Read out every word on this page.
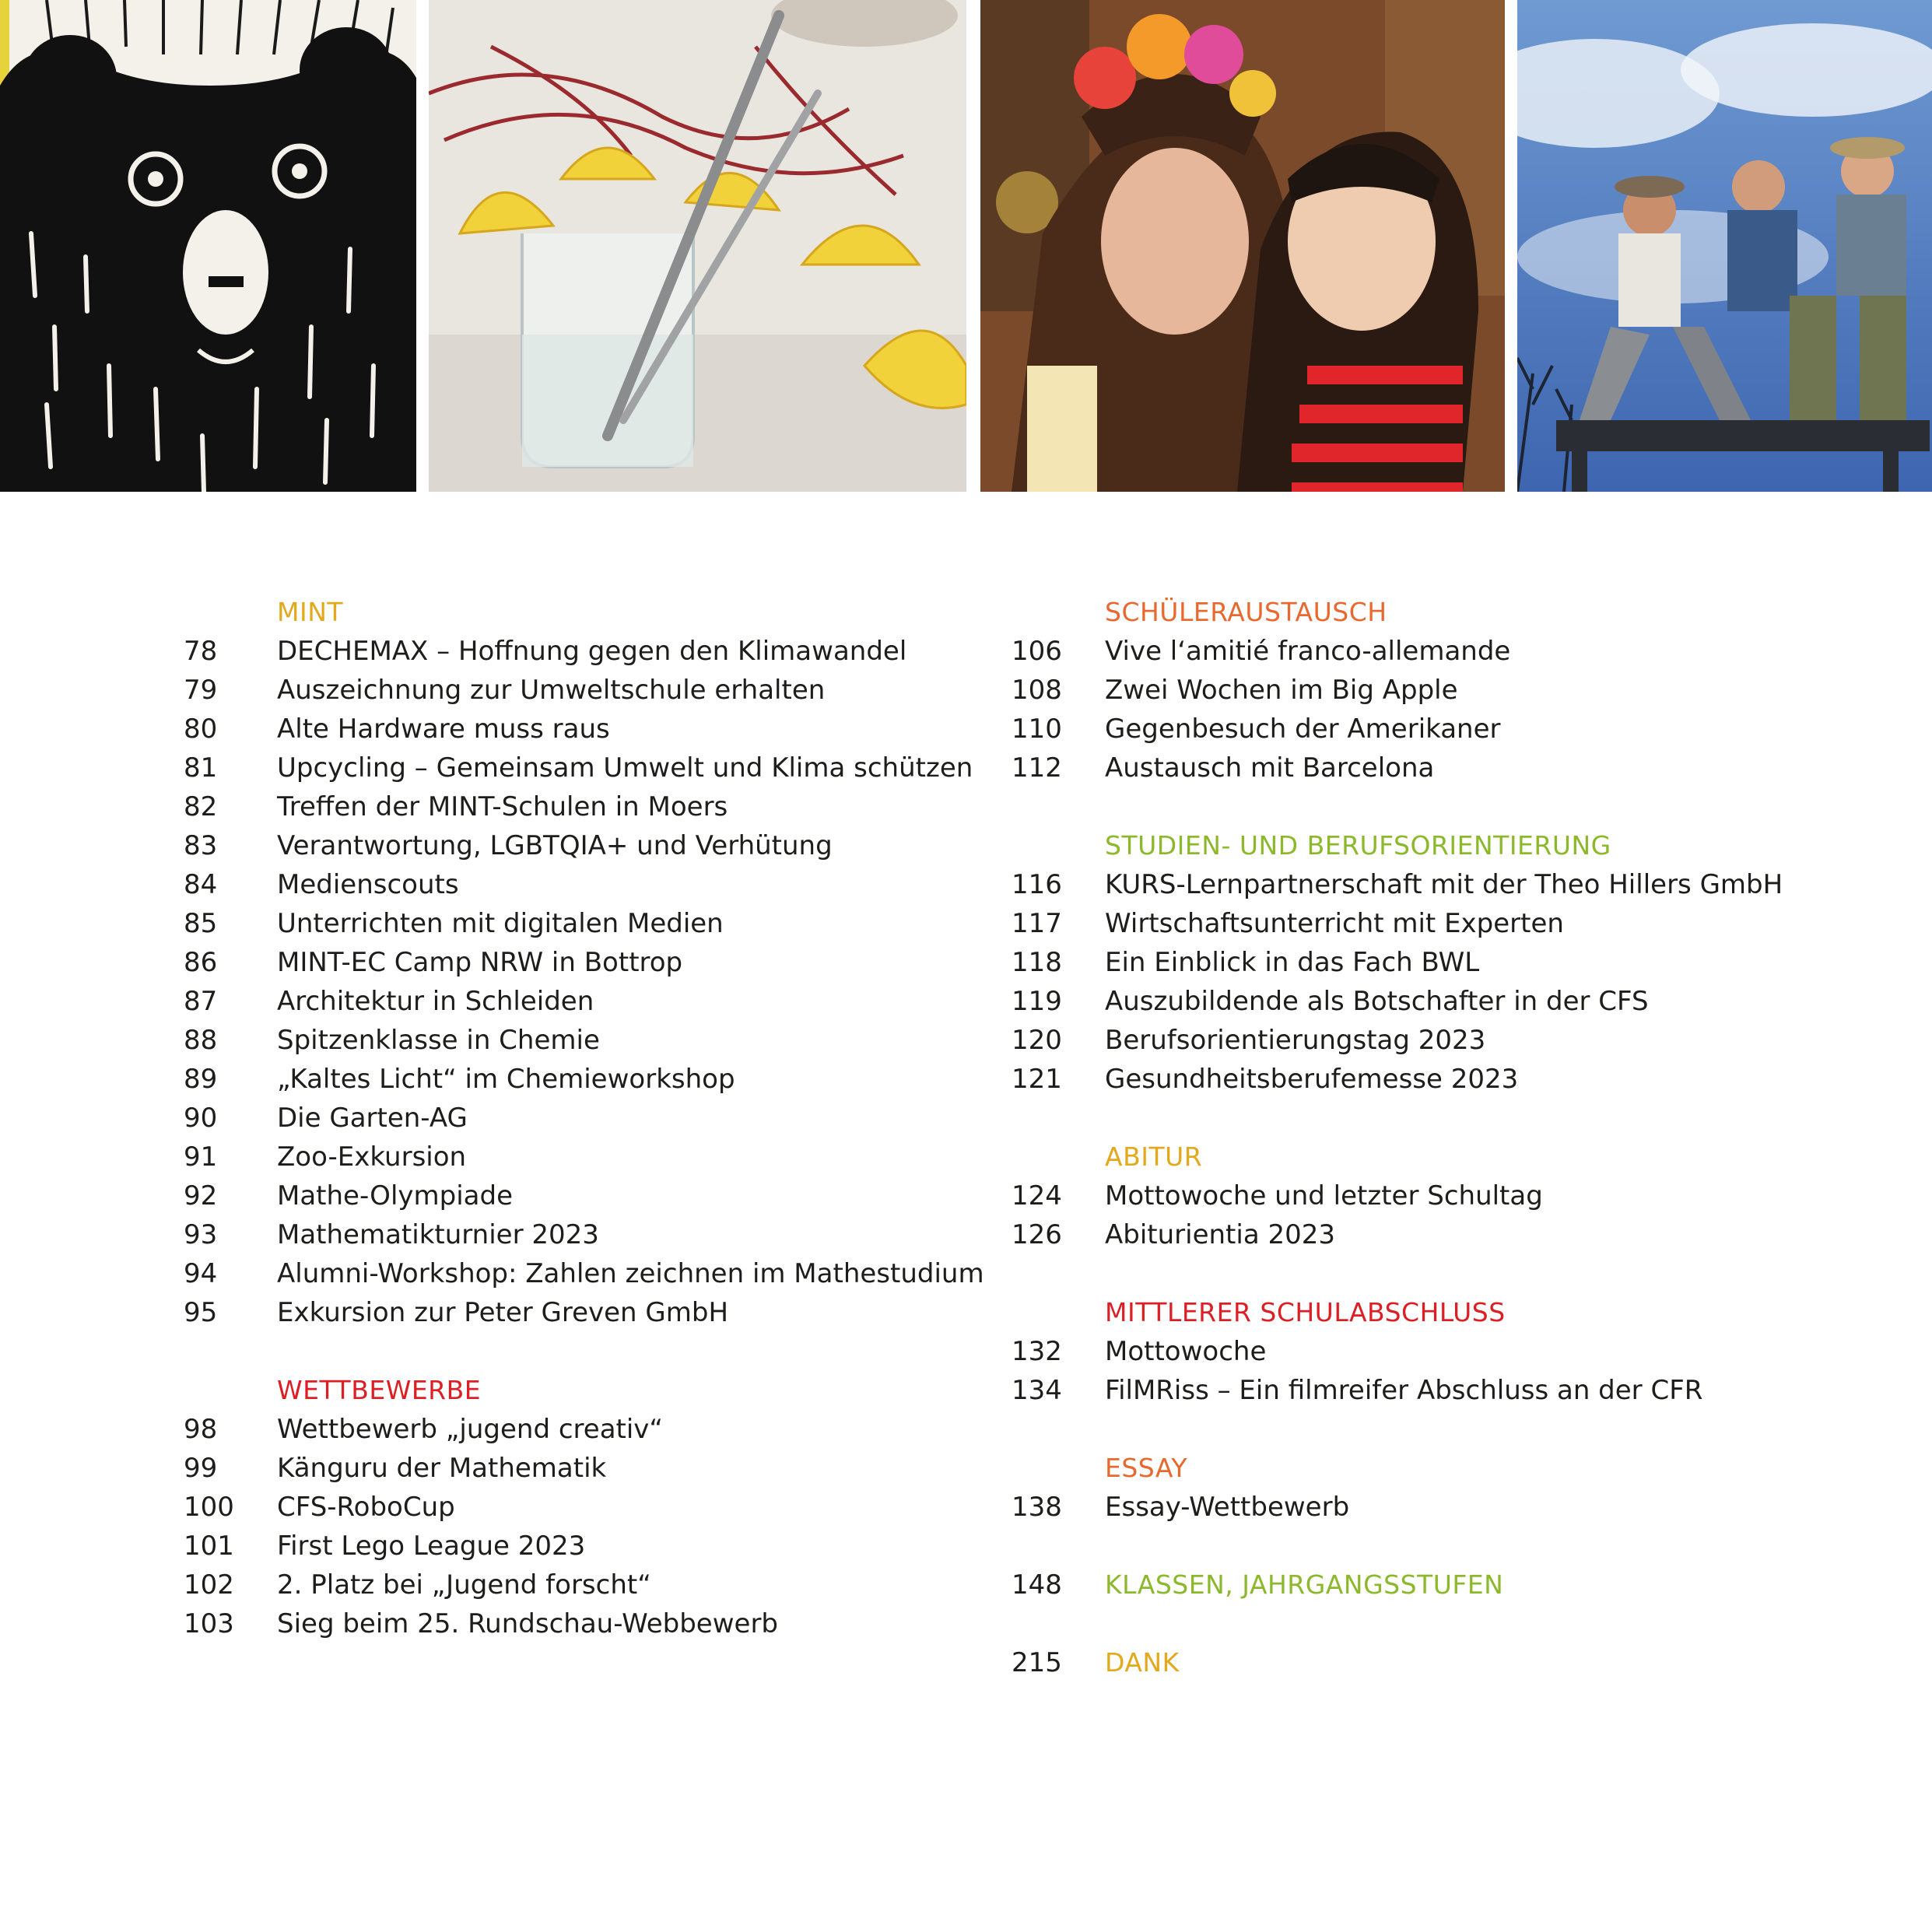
MINT
78	DECHEMAX – Hoffnung gegen den Klimawandel
79	Auszeichnung zur Umweltschule erhalten
80	Alte Hardware muss raus
81	Upcycling – Gemeinsam Umwelt und Klima schützen
82	Treffen der MINT-Schulen in Moers
83	Verantwortung, LGBTQIA+ und Verhütung
84	Medienscouts
85	Unterrichten mit digitalen Medien
86	MINT-EC Camp NRW in Bottrop
87	Architektur in Schleiden
88	Spitzenklasse in Chemie
89	„Kaltes Licht“ im Chemieworkshop
90	Die Garten-AG
91	Zoo-Exkursion
92	Mathe-Olympiade
93	Mathematikturnier 2023
94	Alumni-Workshop: Zahlen zeichnen im Mathestudium
95	Exkursion zur Peter Greven GmbH
WETTBEWERBE
98	Wettbewerb „jugend creativ“
99	Känguru der Mathematik
100	CFS-RoboCup
101	First Lego League 2023
102	2. Platz bei „Jugend forscht“
103	Sieg beim 25. Rundschau-Webbewerb
SCHÜLERAUSTAUSCH
106	Vive l‘amitié franco-allemande
108	Zwei Wochen im Big Apple
110	Gegenbesuch der Amerikaner
112	Austausch mit Barcelona
STUDIEN- UND BERUFSORIENTIERUNG
116	KURS-Lernpartnerschaft mit der Theo Hillers GmbH
117	Wirtschaftsunterricht mit Experten
118	Ein Einblick in das Fach BWL
119	Auszubildende als Botschafter in der CFS
120	Berufsorientierungstag 2023
121	Gesundheitsberufemesse 2023
ABITUR
124	Mottowoche und letzter Schultag
126	Abiturientia 2023
MITTLERER SCHULABSCHLUSS
132	Mottowoche
134	FilMRiss – Ein filmreifer Abschluss an der CFR
ESSAY
138	Essay-Wettbewerb
148	KLASSEN, JAHRGANGSSTUFEN
215	DANK
